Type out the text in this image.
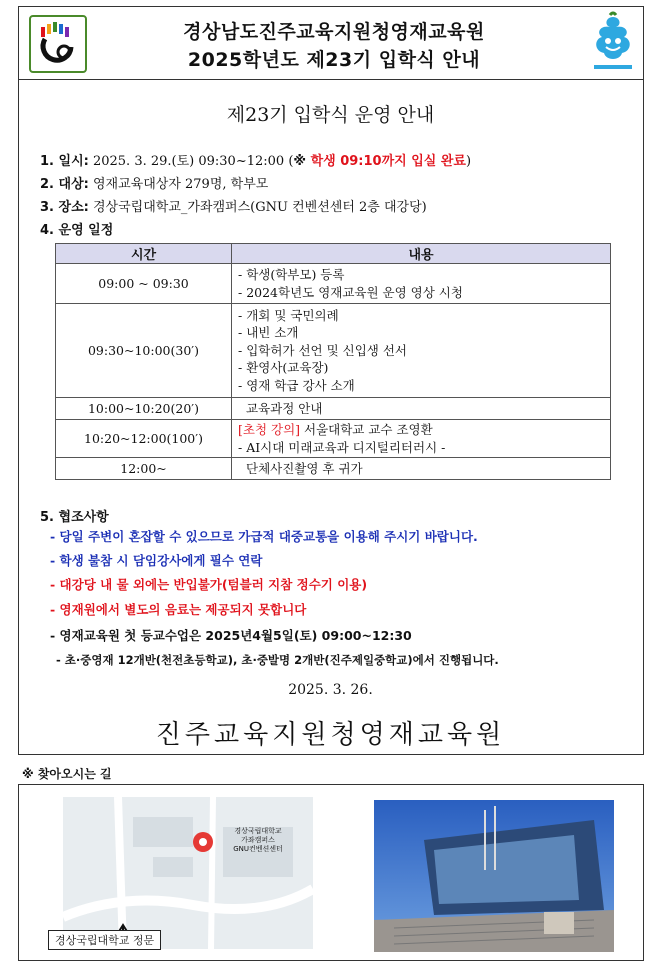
경상남도진주교육지원청영재교육원
2025학년도 제23기 입학식 안내
제23기 입학식 운영 안내
1. 일시: 2025. 3. 29.(토) 09:30~12:00 (※ 학생 09:10까지 입실 완료)
2. 대상: 영재교육대상자 279명, 학부모
3. 장소: 경상국립대학교_가좌캠퍼스(GNU 컨벤션센터 2층 대강당)
4. 운영 일정
시간	내용
09:00 ~ 09:30	- 학생(학부모) 등록
- 2024학년도 영재교육원 운영 영상 시청

09:30~10:00(30′)	- 개회 및 국민의례
- 내빈 소개
- 입학허가 선언 및 신입생 선서
- 환영사(교육장)
- 영재 학급 강사 소개

10:00~10:20(20′)	교육과정 안내

10:20~12:00(100′)	[초청 강의] 서울대학교 교수 조영환
- AI시대 미래교육과 디지털리터러시 -

12:00~	단체사진촬영 후 귀가
5. 협조사항
- 당일 주변이 혼잡할 수 있으므로 가급적 대중교통을 이용해 주시기 바랍니다.
- 학생 불참 시 담임강사에게 필수 연락
- 대강당 내 물 외에는 반입불가(텀블러 지참 정수기 이용)
- 영재원에서 별도의 음료는 제공되지 못합니다
- 영재교육원 첫 등교수업은 2025년4월5일(토) 09:00~12:30
- 초·중영재 12개반(천전초등학교), 초·중발명 2개반(진주제일중학교)에서 진행됩니다.
2025. 3. 26.
진주교육지원청영재교육원
※ 찾아오시는 길
경상국립대학교
가좌캠퍼스
GNU컨벤션센터
경상국립대학교 정문
